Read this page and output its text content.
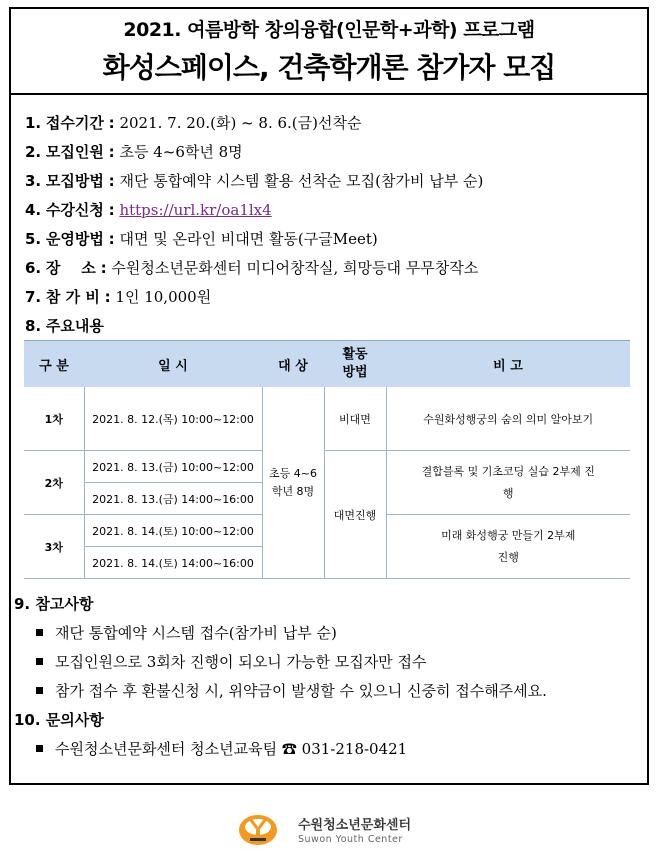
2021. 여름방학 창의융합(인문학+과학) 프로그램
화성스페이스, 건축학개론 참가자 모집
1. 접수기간 : 2021. 7. 20.(화) ~ 8. 6.(금)선착순
2. 모집인원 : 초등 4~6학년 8명
3. 모집방법 : 재단 통합예약 시스템 활용 선착순 모집(참가비 납부 순)
4. 수강신청 : https://url.kr/oa1lx4
5. 운영방법 : 대면 및 온라인 비대면 활동(구글Meet)
6. 장    소 : 수원청소년문화센터 미디어창작실, 희망등대 무무창작소
7. 참 가 비 : 1인 10,000원
8. 주요내용
구 분	일 시	대 상	활동 방법	비 고
1차	2021. 8. 12.(목) 10:00~12:00	초등 4~6학년 8명	비대면	수원화성행궁의 숨의 의미 알아보기
2차	2021. 8. 13.(금) 10:00~12:00		대면진행	결합블록 및 기초코딩 실습 2부제 진행
	2021. 8. 13.(금) 14:00~16:00			
3차	2021. 8. 14.(토) 10:00~12:00			미래 화성행궁 만들기 2부제 진행
	2021. 8. 14.(토) 14:00~16:00			
9. 참고사항
재단 통합예약 시스템 접수(참가비 납부 순)
모집인원으로 3회차 진행이 되오니 가능한 모집자만 접수
참가 접수 후 환불신청 시, 위약금이 발생할 수 있으니 신중히 접수해주세요.
10. 문의사항
수원청소년문화센터 청소년교육팀 ☎ 031-218-0421
수원청소년문화센터
Suwon Youth Center
